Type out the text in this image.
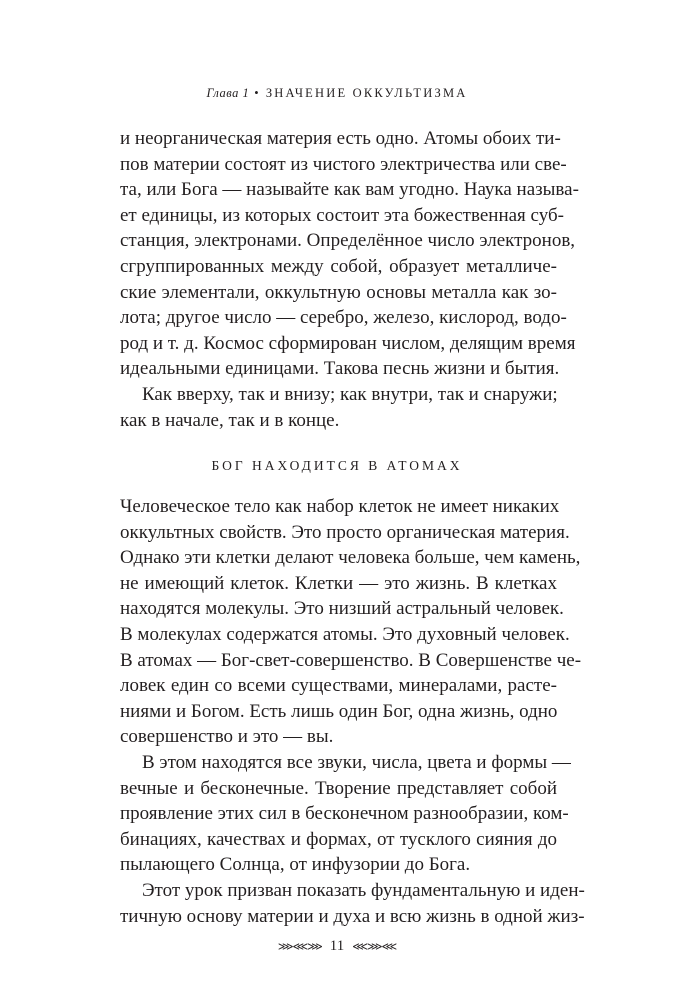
Глава 1 • ЗНАЧЕНИЕ ОККУЛЬТИЗМА
и неорганическая материя есть одно. Атомы обоих ти-
пов материи состоят из чистого электричества или све-
та, или Бога — называйте как вам угодно. Наука называ-
ет единицы, из которых состоит эта божественная суб-
станция, электронами. Определённое число электронов,
сгруппированных между собой, образует металличе-
ские элементали, оккультную основы металла как зо-
лота; другое число — серебро, железо, кислород, водо-
род и т. д. Космос сформирован числом, делящим время
идеальными единицами. Такова песнь жизни и бытия.
Как вверху, так и внизу; как внутри, так и снаружи;
как в начале, так и в конце.
БОГ НАХОДИТСЯ В АТОМАХ
Человеческое тело как набор клеток не имеет никаких
оккультных свойств. Это просто органическая материя.
Однако эти клетки делают человека больше, чем камень,
не имеющий клеток. Клетки — это жизнь. В клетках
находятся молекулы. Это низший астральный человек.
В молекулах содержатся атомы. Это духовный человек.
В атомах — Бог-свет-совершенство. В Совершенстве че-
ловек един со всеми существами, минералами, расте-
ниями и Богом. Есть лишь один Бог, одна жизнь, одно
совершенство и это — вы.
В этом находятся все звуки, числа, цвета и формы —
вечные и бесконечные. Творение представляет собой
проявление этих сил в бесконечном разнообразии, ком-
бинациях, качествах и формах, от тусклого сияния до
пылающего Солнца, от инфузории до Бога.
Этот урок призван показать фундаментальную и иден-
тичную основу материи и духа и всю жизнь в одной жиз-
⋙⋘⋙ 11 ⋘⋙⋘
